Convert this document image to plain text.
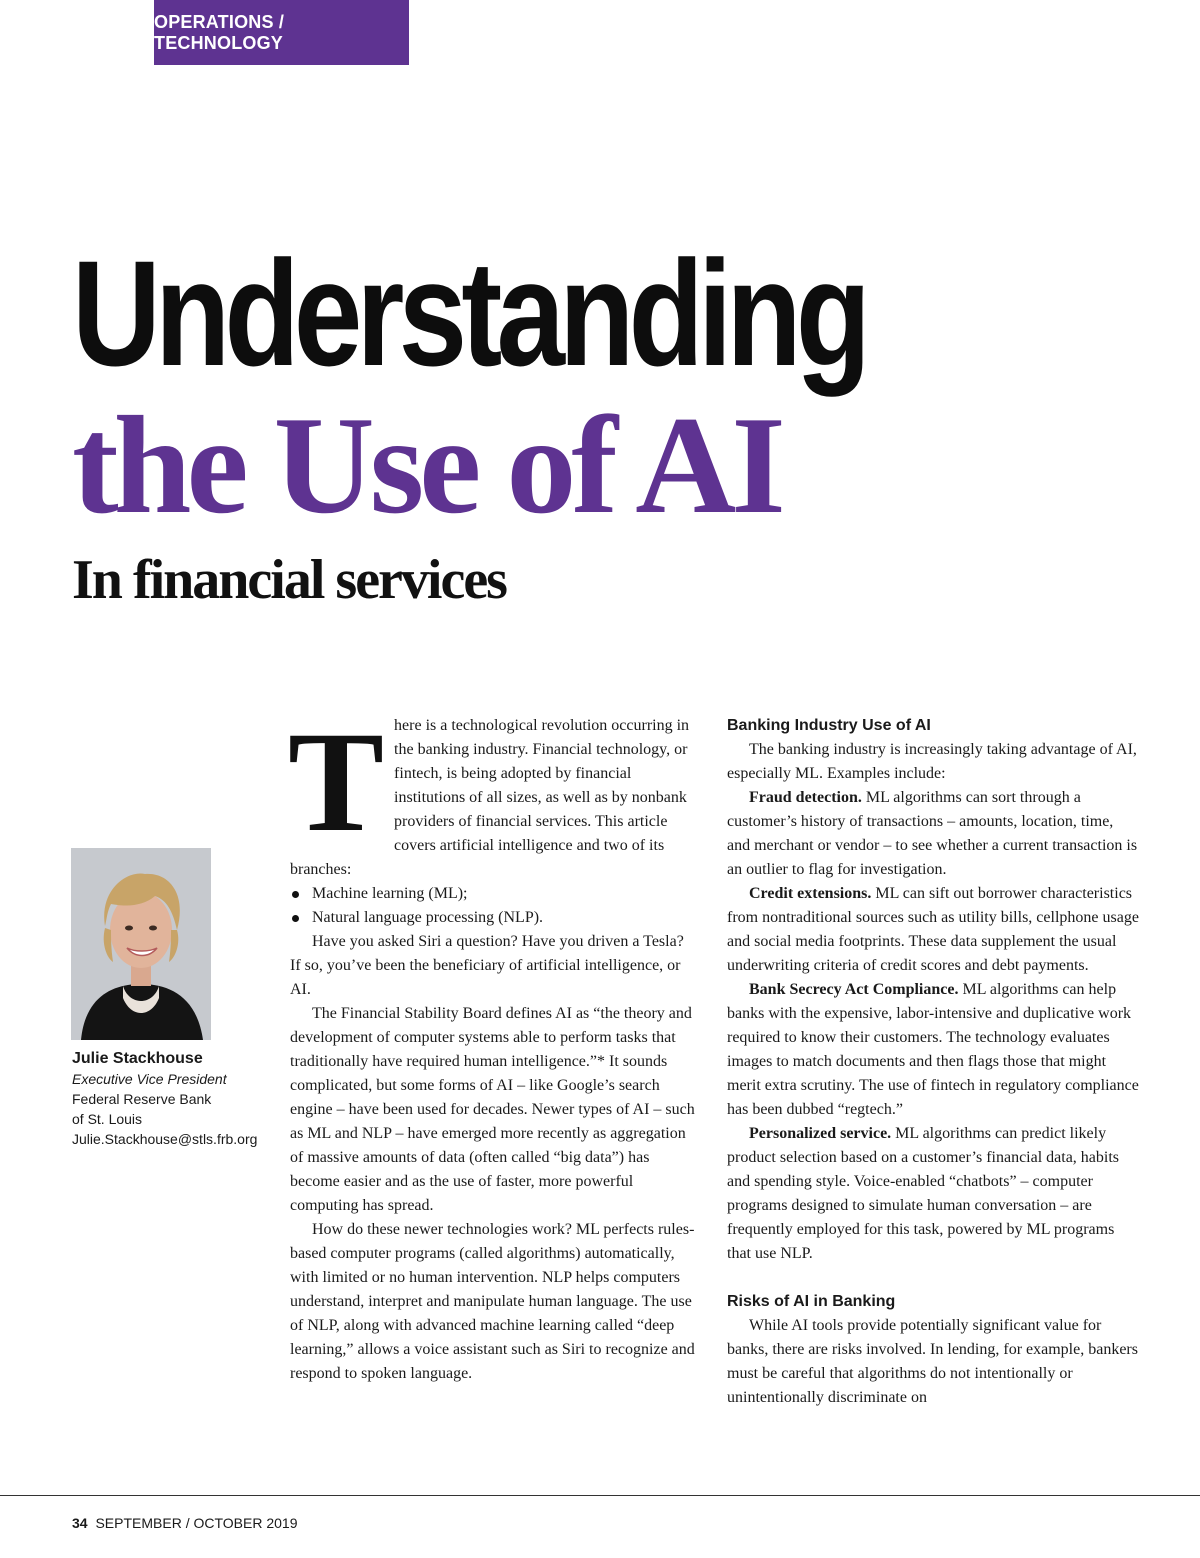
OPERATIONS / TECHNOLOGY
Understanding
the Use of AI
In financial services
Julie Stackhouse
Executive Vice President
Federal Reserve Bank
of St. Louis
Julie.Stackhouse@stls.frb.org

There is a technological revolution occurring in the banking industry. Financial technology, or fintech, is being adopted by financial institutions of all sizes, as well as by nonbank providers of financial services. This article covers artificial intelligence and two of its branches:

Machine learning (ML);
Natural language processing (NLP).

Have you asked Siri a question? Have you driven a Tesla? If so, you’ve been the beneficiary of artificial intelligence, or AI.

The Financial Stability Board defines AI as “the theory and development of computer systems able to perform tasks that traditionally have required human intelligence.”* It sounds complicated, but some forms of AI – like Google’s search engine – have been used for decades. Newer types of AI – such as ML and NLP – have emerged more recently as aggregation of massive amounts of data (often called “big data”) has become easier and as the use of faster, more powerful computing has spread.

How do these newer technologies work? ML perfects rules-based computer programs (called algorithms) automatically, with limited or no human intervention. NLP helps computers understand, interpret and manipulate human language. The use of NLP, along with advanced machine learning called “deep learning,” allows a voice assistant such as Siri to recognize and respond to spoken language.

Banking Industry Use of AI

The banking industry is increasingly taking advantage of AI, especially ML. Examples include:

Fraud detection. ML algorithms can sort through a customer’s history of transactions – amounts, location, time, and merchant or vendor – to see whether a current transaction is an outlier to flag for investigation.

Credit extensions. ML can sift out borrower characteristics from nontraditional sources such as utility bills, cellphone usage and social media footprints. These data supplement the usual underwriting criteria of credit scores and debt payments.

Bank Secrecy Act Compliance. ML algorithms can help banks with the expensive, labor-intensive and duplicative work required to know their customers. The technology evaluates images to match documents and then flags those that might merit extra scrutiny. The use of fintech in regulatory compliance has been dubbed “regtech.”

Personalized service. ML algorithms can predict likely product selection based on a customer’s financial data, habits and spending style. Voice-enabled “chatbots” – computer programs designed to simulate human conversation – are frequently employed for this task, powered by ML programs that use NLP.

Risks of AI in Banking

While AI tools provide potentially significant value for banks, there are risks involved. In lending, for example, bankers must be careful that algorithms do not intentionally or unintentionally discriminate on

34 SEPTEMBER / OCTOBER 2019
